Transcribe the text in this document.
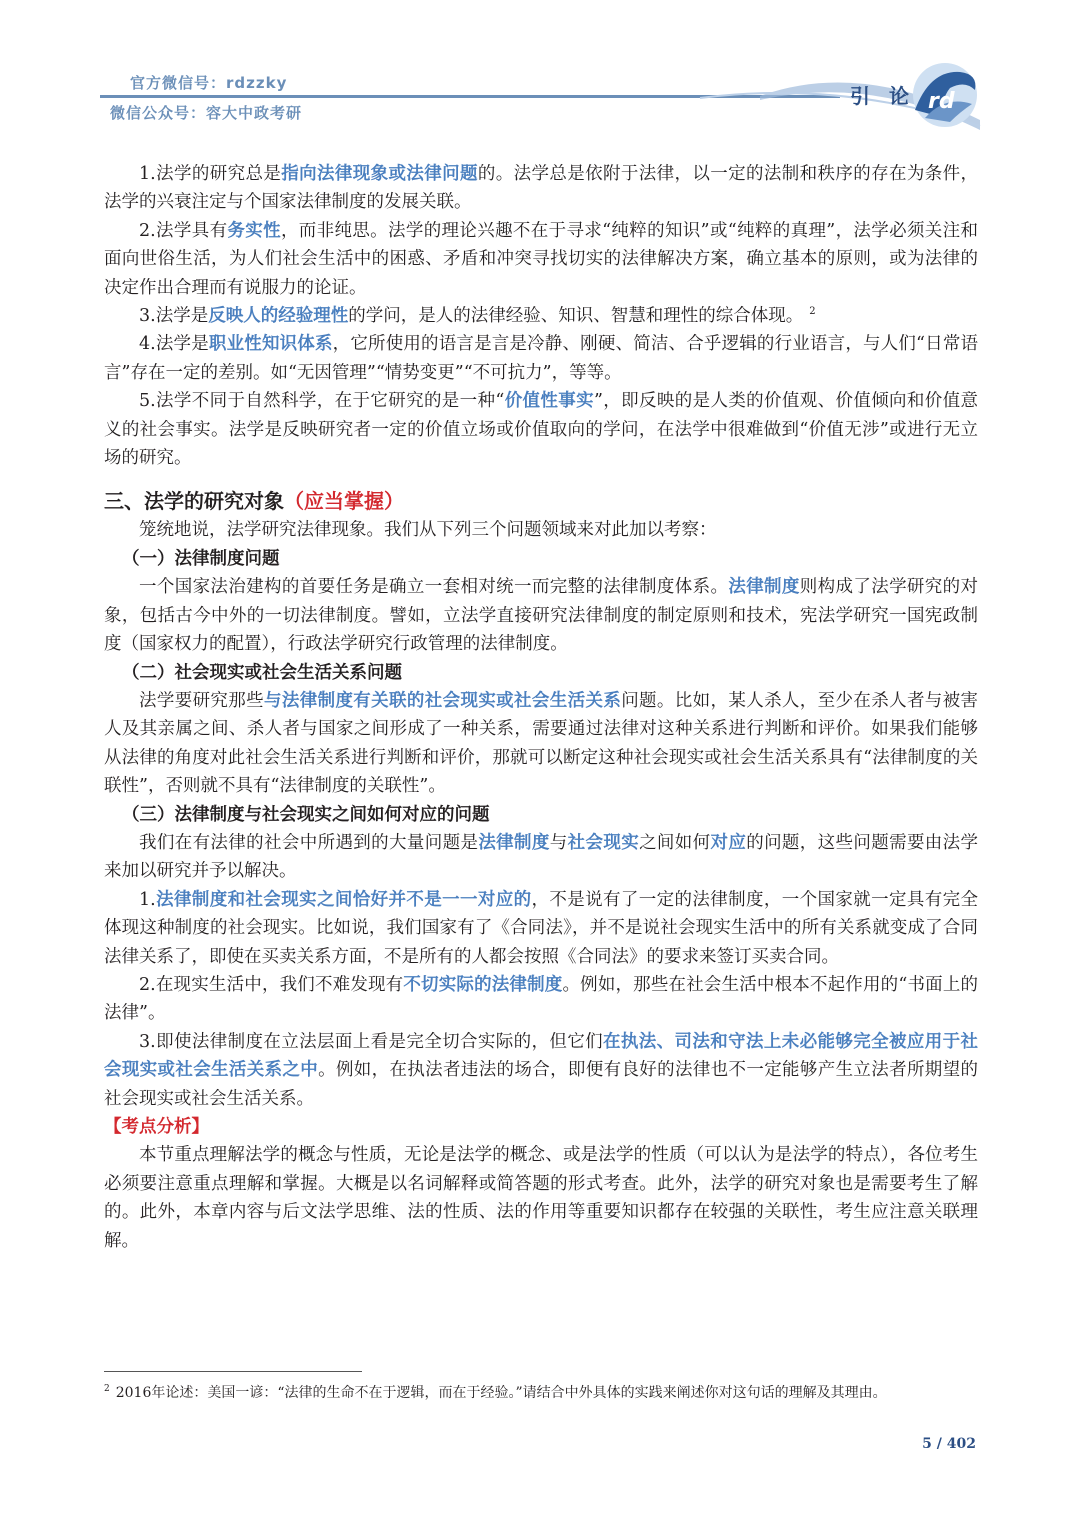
rd
官方微信号：rdzzky
微信公众号：容大中政考研
引 论

1.法学的研究总是指向法律现象或法律问题的。法学总是依附于法律，以一定的法制和秩序的存在为条件，法学的兴衰注定与个国家法律制度的发展关联。

2.法学具有务实性，而非纯思。法学的理论兴趣不在于寻求“纯粹的知识”或“纯粹的真理”，法学必须关注和面向世俗生活，为人们社会生活中的困惑、矛盾和冲突寻找切实的法律解决方案，确立基本的原则，或为法律的决定作出合理而有说服力的论证。

3.法学是反映人的经验理性的学问，是人的法律经验、知识、智慧和理性的综合体现。 $^2$

4.法学是职业性知识体系，它所使用的语言是言是冷静、刚硬、简洁、合乎逻辑的行业语言，与人们“日常语言”存在一定的差别。如“无因管理”“情势变更”“不可抗力”，等等。

5.法学不同于自然科学，在于它研究的是一种“价值性事实”，即反映的是人类的价值观、价值倾向和价值意义的社会事实。法学是反映研究者一定的价值立场或价值取向的学问，在法学中很难做到“价值无涉”或进行无立场的研究。

三、法学的研究对象（应当掌握）

笼统地说，法学研究法律现象。我们从下列三个问题领域来对此加以考察：

（一）法律制度问题

一个国家法治建构的首要任务是确立一套相对统一而完整的法律制度体系。法律制度则构成了法学研究的对象，包括古今中外的一切法律制度。譬如，立法学直接研究法律制度的制定原则和技术，宪法学研究一国宪政制度（国家权力的配置），行政法学研究行政管理的法律制度。

（二）社会现实或社会生活关系问题

法学要研究那些与法律制度有关联的社会现实或社会生活关系问题。比如，某人杀人，至少在杀人者与被害人及其亲属之间、杀人者与国家之间形成了一种关系，需要通过法律对这种关系进行判断和评价。如果我们能够从法律的角度对此社会生活关系进行判断和评价，那就可以断定这种社会现实或社会生活关系具有“法律制度的关联性”，否则就不具有“法律制度的关联性”。

（三）法律制度与社会现实之间如何对应的问题

我们在有法律的社会中所遇到的大量问题是法律制度与社会现实之间如何对应的问题，这些问题需要由法学来加以研究并予以解决。

1.法律制度和社会现实之间恰好并不是一一对应的，不是说有了一定的法律制度，一个国家就一定具有完全体现这种制度的社会现实。比如说，我们国家有了《合同法》，并不是说社会现实生活中的所有关系就变成了合同法律关系了，即使在买卖关系方面，不是所有的人都会按照《合同法》的要求来签订买卖合同。

2.在现实生活中，我们不难发现有不切实际的法律制度。例如，那些在社会生活中根本不起作用的“书面上的法律”。

3.即使法律制度在立法层面上看是完全切合实际的，但它们在执法、司法和守法上未必能够完全被应用于社会现实或社会生活关系之中。例如，在执法者违法的场合，即便有良好的法律也不一定能够产生立法者所期望的社会现实或社会生活关系。

【考点分析】

本节重点理解法学的概念与性质，无论是法学的概念、或是法学的性质（可以认为是法学的特点），各位考生必须要注意重点理解和掌握。大概是以名词解释或简答题的形式考查。此外，法学的研究对象也是需要考生了解的。此外，本章内容与后文法学思维、法的性质、法的作用等重要知识都存在较强的关联性，考生应注意关联理解。

$^2$ 2016年论述：美国一谚：“法律的生命不在于逻辑，而在于经验。”请结合中外具体的实践来阐述你对这句话的理解及其理由。
5 / 402
